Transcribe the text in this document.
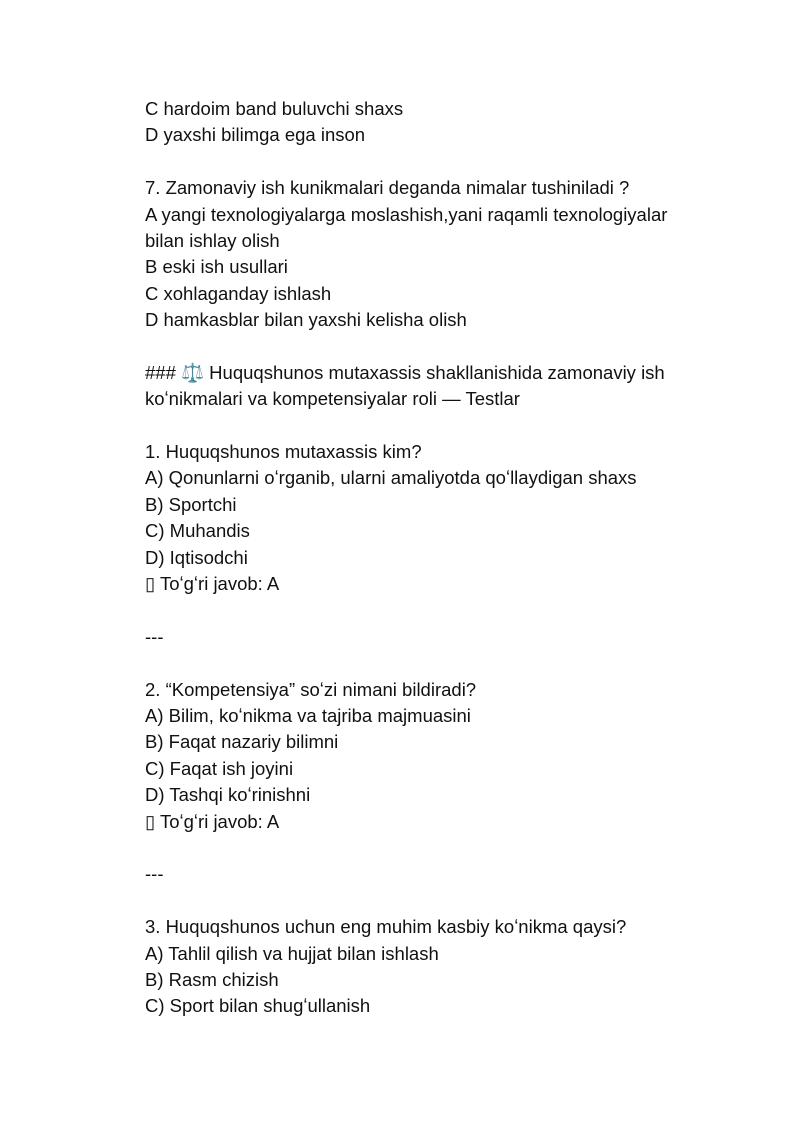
C hardoim band buluvchi shaxs
D yaxshi bilimga ega inson
7. Zamonaviy ish kunikmalari deganda nimalar tushiniladi ?
A yangi texnologiyalarga moslashish,yani raqamli texnologiyalar
bilan ishlay olish
B eski ish usullari
C xohlaganday ishlash
D hamkasblar bilan yaxshi kelisha olish
### ⚖️ Huquqshunos mutaxassis shakllanishida zamonaviy ish
koʻnikmalari va kompetensiyalar roli — Testlar
1. Huquqshunos mutaxassis kim?
A) Qonunlarni oʻrganib, ularni amaliyotda qoʻllaydigan shaxs
B) Sportchi
C) Muhandis
D) Iqtisodchi
▯ Toʻgʻri javob: A
---
2. “Kompetensiya” soʻzi nimani bildiradi?
A) Bilim, koʻnikma va tajriba majmuasini
B) Faqat nazariy bilimni
C) Faqat ish joyini
D) Tashqi koʻrinishni
▯ Toʻgʻri javob: A
---
3. Huquqshunos uchun eng muhim kasbiy koʻnikma qaysi?
A) Tahlil qilish va hujjat bilan ishlash
B) Rasm chizish
C) Sport bilan shugʻullanish
